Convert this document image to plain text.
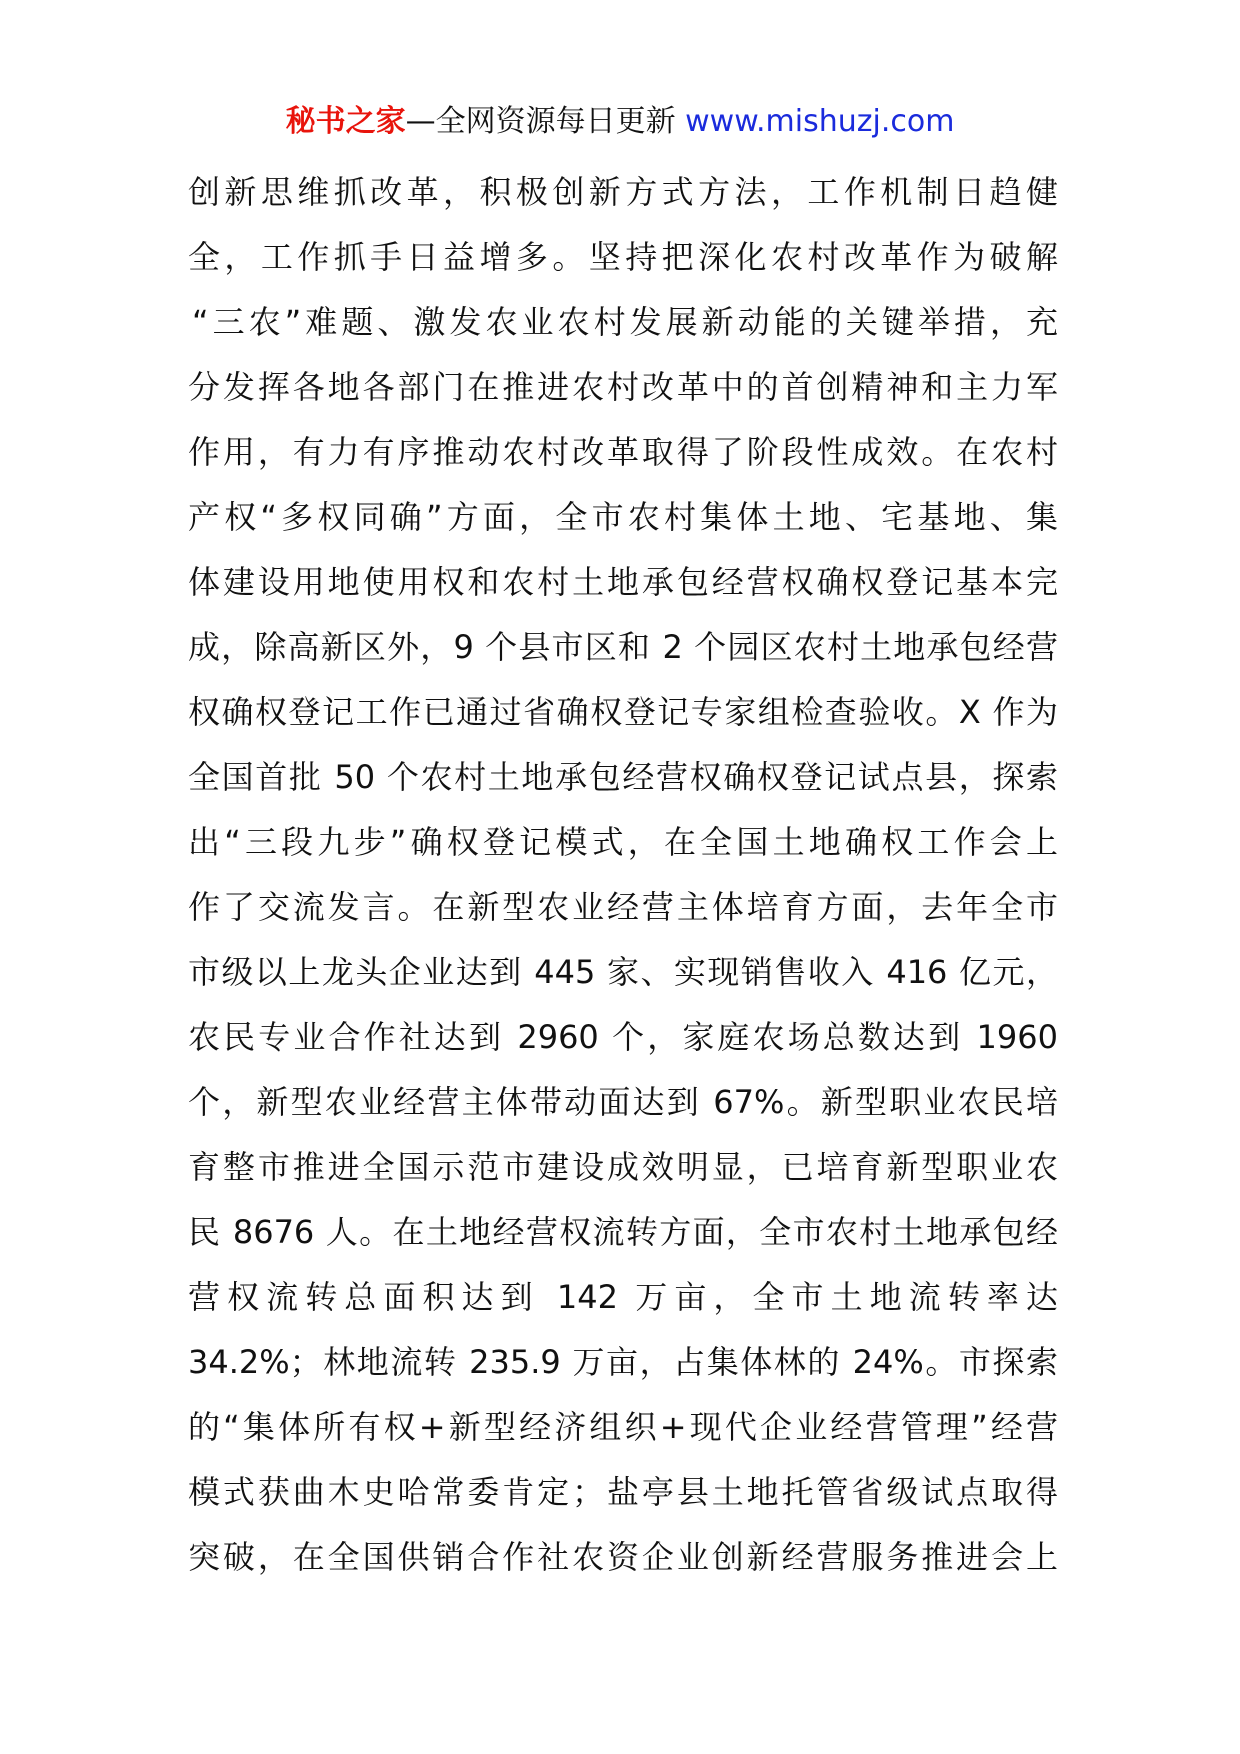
秘书之家—全网资源每日更新 www.mishuzj.com
创新思维抓改革，积极创新方式方法，工作机制日趋健
全，工作抓手日益增多。坚持把深化农村改革作为破解
“三农”难题、激发农业农村发展新动能的关键举措，充
分发挥各地各部门在推进农村改革中的首创精神和主力军
作用，有力有序推动农村改革取得了阶段性成效。在农村
产权“多权同确”方面，全市农村集体土地、宅基地、集
体建设用地使用权和农村土地承包经营权确权登记基本完
成，除高新区外，9 个县市区和 2 个园区农村土地承包经营
权确权登记工作已通过省确权登记专家组检查验收。X 作为
全国首批 50 个农村土地承包经营权确权登记试点县，探索
出“三段九步”确权登记模式，在全国土地确权工作会上
作了交流发言。在新型农业经营主体培育方面，去年全市
市级以上龙头企业达到 445 家、实现销售收入 416 亿元，
农民专业合作社达到 2960 个，家庭农场总数达到 1960
个，新型农业经营主体带动面达到 67%。新型职业农民培
育整市推进全国示范市建设成效明显，已培育新型职业农
民 8676 人。在土地经营权流转方面，全市农村土地承包经
营权流转总面积达到 142 万亩，全市土地流转率达
34.2%；林地流转 235.9 万亩，占集体林的 24%。市探索
的“集体所有权+新型经济组织+现代企业经营管理”经营
模式获曲木史哈常委肯定；盐亭县土地托管省级试点取得
突破，在全国供销合作社农资企业创新经营服务推进会上
